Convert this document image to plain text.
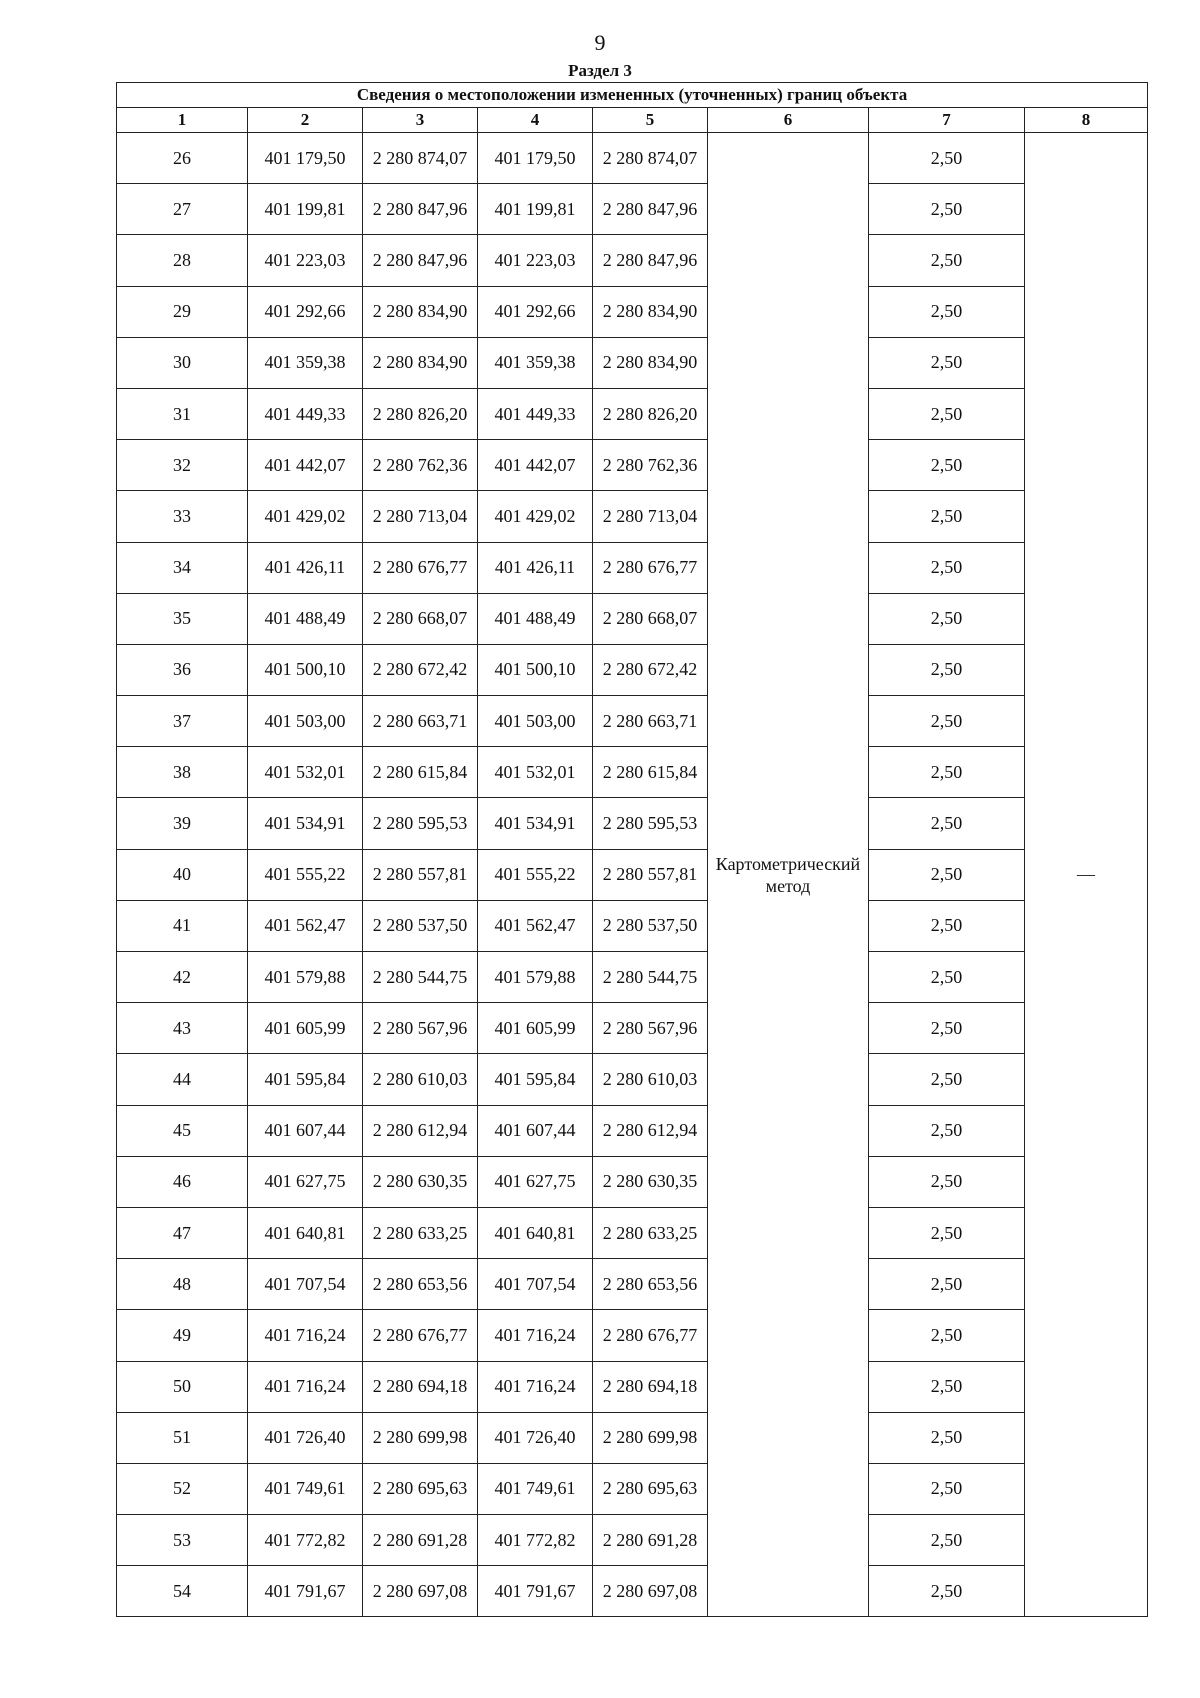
9
Раздел 3
Сведения о местоположении измененных (уточненных) границ объекта							
1	2	3	4	5	6	7	8
26	401 179,50	2 280 874,07	401 179,50	2 280 874,07	Картометрический метод	2,50	—
27	401 199,81	2 280 847,96	401 199,81	2 280 847,96		2,50	
28	401 223,03	2 280 847,96	401 223,03	2 280 847,96		2,50	
29	401 292,66	2 280 834,90	401 292,66	2 280 834,90		2,50	
30	401 359,38	2 280 834,90	401 359,38	2 280 834,90		2,50	
31	401 449,33	2 280 826,20	401 449,33	2 280 826,20		2,50	
32	401 442,07	2 280 762,36	401 442,07	2 280 762,36		2,50	
33	401 429,02	2 280 713,04	401 429,02	2 280 713,04		2,50	
34	401 426,11	2 280 676,77	401 426,11	2 280 676,77		2,50	
35	401 488,49	2 280 668,07	401 488,49	2 280 668,07		2,50	
36	401 500,10	2 280 672,42	401 500,10	2 280 672,42		2,50	
37	401 503,00	2 280 663,71	401 503,00	2 280 663,71		2,50	
38	401 532,01	2 280 615,84	401 532,01	2 280 615,84		2,50	
39	401 534,91	2 280 595,53	401 534,91	2 280 595,53		2,50	
40	401 555,22	2 280 557,81	401 555,22	2 280 557,81		2,50	
41	401 562,47	2 280 537,50	401 562,47	2 280 537,50		2,50	
42	401 579,88	2 280 544,75	401 579,88	2 280 544,75		2,50	
43	401 605,99	2 280 567,96	401 605,99	2 280 567,96		2,50	
44	401 595,84	2 280 610,03	401 595,84	2 280 610,03		2,50	
45	401 607,44	2 280 612,94	401 607,44	2 280 612,94		2,50	
46	401 627,75	2 280 630,35	401 627,75	2 280 630,35		2,50	
47	401 640,81	2 280 633,25	401 640,81	2 280 633,25		2,50	
48	401 707,54	2 280 653,56	401 707,54	2 280 653,56		2,50	
49	401 716,24	2 280 676,77	401 716,24	2 280 676,77		2,50	
50	401 716,24	2 280 694,18	401 716,24	2 280 694,18		2,50	
51	401 726,40	2 280 699,98	401 726,40	2 280 699,98		2,50	
52	401 749,61	2 280 695,63	401 749,61	2 280 695,63		2,50	
53	401 772,82	2 280 691,28	401 772,82	2 280 691,28		2,50	
54	401 791,67	2 280 697,08	401 791,67	2 280 697,08		2,50	
